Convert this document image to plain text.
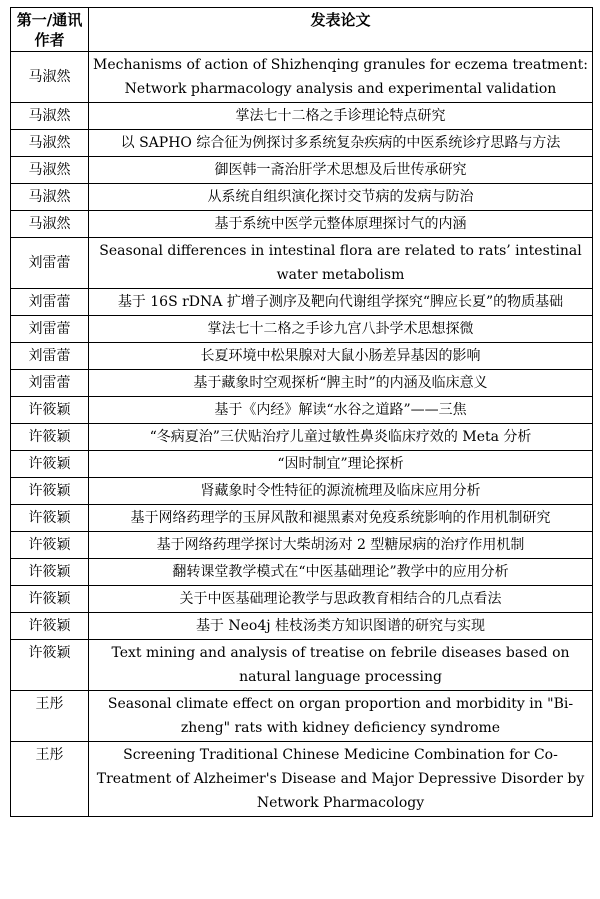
第一/通讯作者	发表论文
马淑然	Mechanisms of action of Shizhenqing granules for eczema treatment: Network pharmacology analysis and experimental validation
马淑然	掌法七十二格之手诊理论特点研究
马淑然	以 SAPHO 综合征为例探讨多系统复杂疾病的中医系统诊疗思路与方法
马淑然	御医韩一斋治肝学术思想及后世传承研究
马淑然	从系统自组织演化探讨交节病的发病与防治
马淑然	基于系统中医学元整体原理探讨气的内涵
刘雷蕾	Seasonal differences in intestinal flora are related to rats’ intestinal water metabolism
刘雷蕾	基于 16S rDNA 扩增子测序及靶向代谢组学探究“脾应长夏”的物质基础
刘雷蕾	掌法七十二格之手诊九宫八卦学术思想探微
刘雷蕾	长夏环境中松果腺对大鼠小肠差异基因的影响
刘雷蕾	基于藏象时空观探析“脾主时”的内涵及临床意义
许筱颖	基于《内经》解读“水谷之道路”——三焦
许筱颖	“冬病夏治”三伏贴治疗儿童过敏性鼻炎临床疗效的 Meta 分析
许筱颖	“因时制宜”理论探析
许筱颖	肾藏象时令性特征的源流梳理及临床应用分析
许筱颖	基于网络药理学的玉屏风散和褪黑素对免疫系统影响的作用机制研究
许筱颖	基于网络药理学探讨大柴胡汤对 2 型糖尿病的治疗作用机制
许筱颖	翻转课堂教学模式在“中医基础理论”教学中的应用分析
许筱颖	关于中医基础理论教学与思政教育相结合的几点看法
许筱颖	基于 Neo4j 桂枝汤类方知识图谱的研究与实现
许筱颖	Text mining and analysis of treatise on febrile diseases based on natural language processing
王彤	Seasonal climate effect on organ proportion and morbidity in "Bi-zheng" rats with kidney deficiency syndrome
王彤	Screening Traditional Chinese Medicine Combination for Co-Treatment of Alzheimer's Disease and Major Depressive Disorder by Network Pharmacology
